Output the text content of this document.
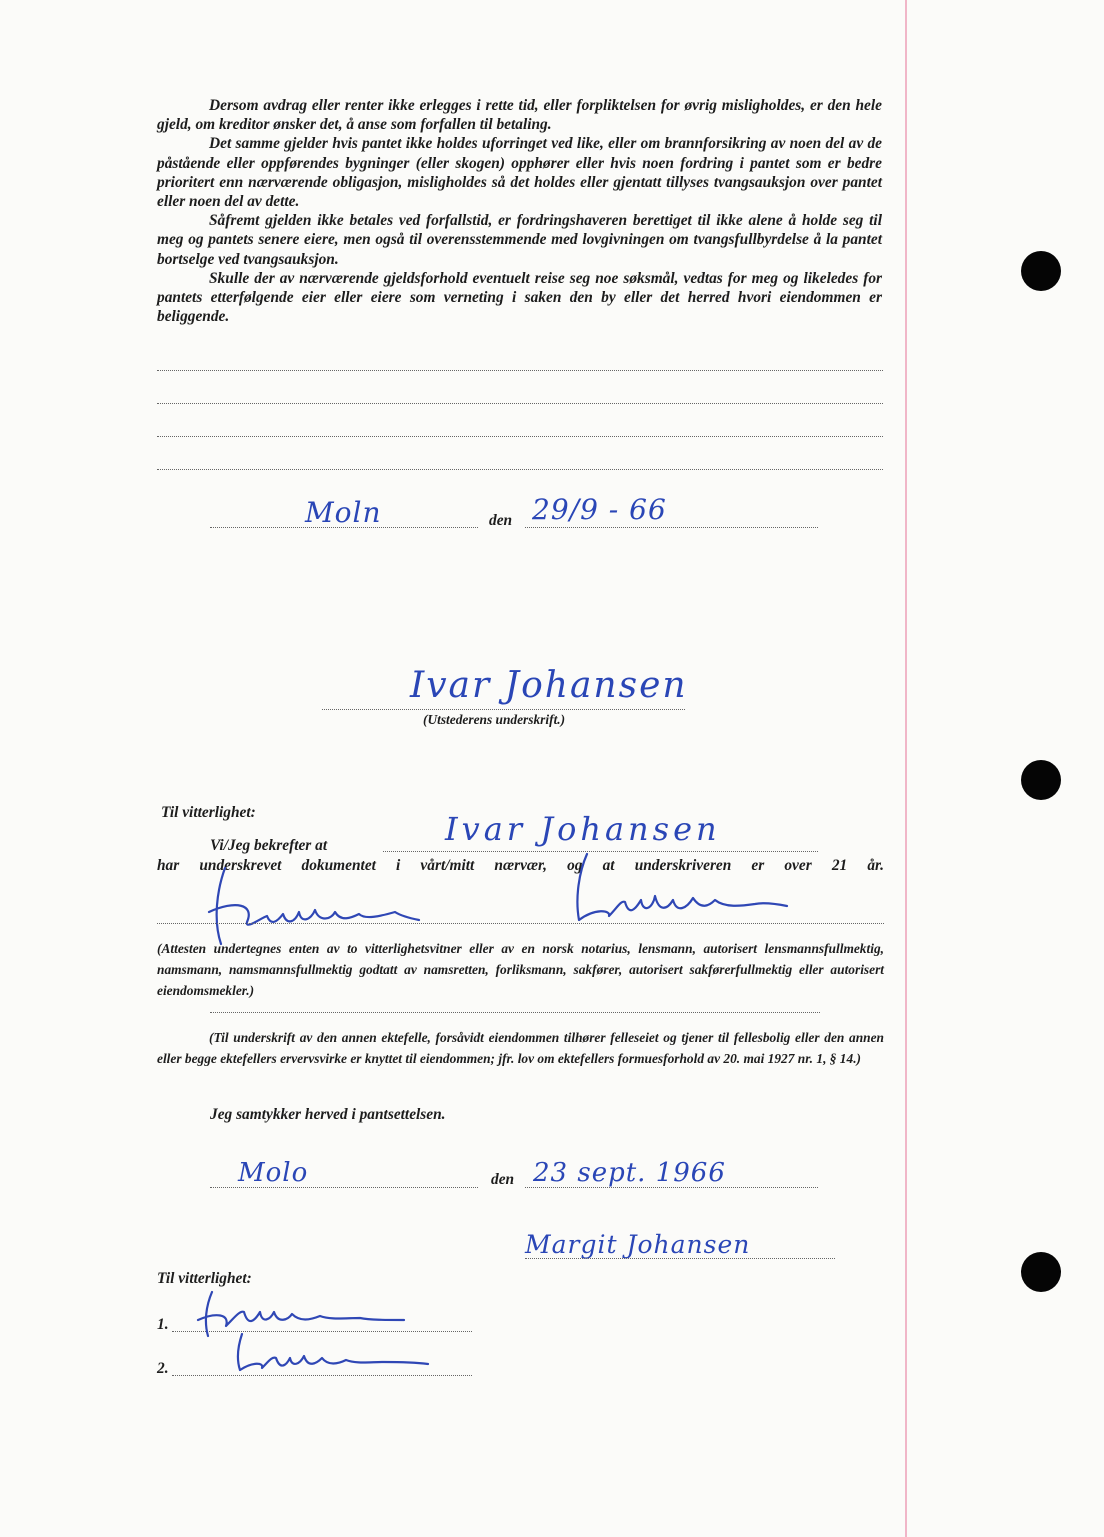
Dersom avdrag eller renter ikke erlegges i rette tid, eller forpliktelsen for øvrig misligholdes, er den hele gjeld, om kreditor ønsker det, å anse som forfallen til betaling.

Det samme gjelder hvis pantet ikke holdes uforringet ved like, eller om brannforsikring av noen del av de påstående eller oppførendes bygninger (eller skogen) opphører eller hvis noen fordring i pantet som er bedre prioritert enn nærværende obligasjon, misligholdes så det holdes eller gjentatt tillyses tvangsauksjon over pantet eller noen del av dette.

Såfremt gjelden ikke betales ved forfallstid, er fordringshaveren berettiget til ikke alene å holde seg til meg og pantets senere eiere, men også til overensstemmende med lovgivningen om tvangsfullbyrdelse å la pantet bortselge ved tvangsauksjon.

Skulle der av nærværende gjeldsforhold eventuelt reise seg noe søksmål, vedtas for meg og likeledes for pantets etterfølgende eier eller eiere som verneting i saken den by eller det herred hvori eiendommen er beliggende.

Moln	den 29/9 - 66
Ivar Johansen
(Utstederens underskrift.)
Til vitterlighet:
Vi/Jeg bekrefter at	Ivar Johansen
har underskrevet dokumentet i vårt/mitt nærvær, og at underskriveren er over 21 år.

(Attesten undertegnes enten av to vitterlighetsvitner eller av en norsk notarius, lensmann, autorisert lensmannsfullmektig, namsmann, namsmannsfullmektig godtatt av namsretten, forliksmann, sakfører, autorisert sakførerfullmektig eller autorisert eiendomsmekler.)

(Til underskrift av den annen ektefelle, forsåvidt eiendommen tilhører felleseiet og tjener til fellesbolig eller den annen eller begge ektefellers ervervsvirke er knyttet til eiendommen; jfr. lov om ektefellers formuesforhold av 20. mai 1927 nr. 1, § 14.)

Jeg samtykker herved i pantsettelsen.
Molo	den 23 sept. 1966
Margit Johansen
Til vitterlighet:
1.
2.
